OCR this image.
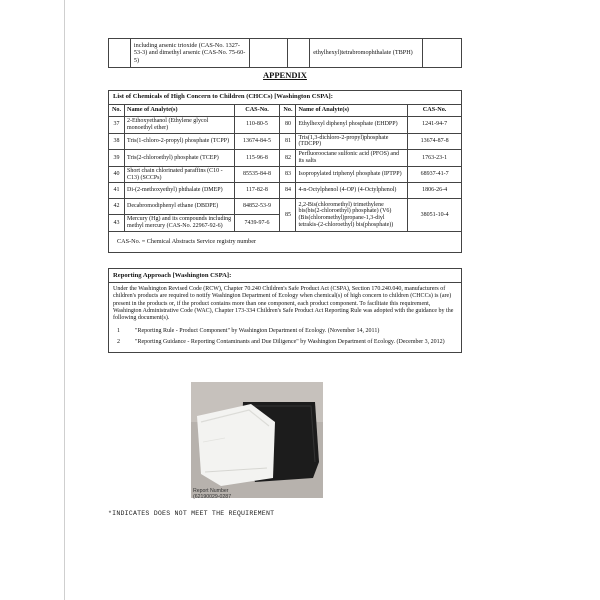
	including arsenic trioxide (CAS-No. 1327-53-3) and dimethyl arsenic (CAS-No. 75-60-5)			ethylhexyl)tetrabromophthalate (TBPH)	
APPENDIX
List of Chemicals of High Concern to Children (CHCCs) [Washington CSPA]:					
No.	Name of Analyte(s)	CAS-No.	No.	Name of Analyte(s)	CAS-No.
37	2-Ethoxyethanol (Ethylene glycol monoethyl ether)	110-80-5	80	Ethylhexyl diphenyl phosphate (EHDPP)	1241-94-7
38	Tris(1-chloro-2-propyl) phosphate (TCPP)	13674-84-5	81	Tris(1,3-dichloro-2-propyl)phosphate (TDCPP)	13674-87-8
39	Tris(2-chloroethyl) phosphate (TCEP)	115-96-8	82	Perfluorooctane sulfonic acid (PFOS) and its salts	1763-23-1
40	Short chain chlorinated paraffins (C10 - C13) (SCCPs)	85535-84-8	83	Isopropylated triphenyl phosphate (IPTPP)	68937-41-7
41	Di-(2-methoxyethyl) phthalate (DMEP)	117-82-8	84	4-n-Octylphenol (4-OP) (4-Octylphenol)	1806-26-4
42	Decabromodiphenyl ethane (DBDPE)	84852-53-9	85	2,2-Bis(chloromethyl) trimethylene bis(bis(2-chloroethyl) phosphate) (V6) (Bis(chloromethyl)propane-1,3-diyl tetrakis-(2-chloroethyl) bis(phosphate))	38051-10-4
43	Mercury (Hg) and its compounds including methyl mercury (CAS-No. 22967-92-6)	7439-97-6			
CAS-No. = Chemical Abstracts Service registry number					
Reporting Approach [Washington CSPA]:

Under the Washington Revised Code (RCW), Chapter 70.240 Children's Safe Product Act (CSPA), Section 170.240.040, manufacturers of children's products are required to notify Washington Department of Ecology when chemical(s) of high concern to children (CHCCs) is (are) present in the products or, if the product contains more than one component, each product component. To facilitate this requirement, Washington Administrative Code (WAC), Chapter 173-334 Children's Safe Product Act Reporting Rule was adopted with the guidance by the following document(s).

1	"Reporting Rule - Product Component" by Washington Department of Ecology. (November 14, 2011)
2	"Reporting Guidance - Reporting Contaminants and Due Diligence" by Washington Department of Ecology. (December 3, 2012)
Report Number
(62190029-0287
*INDICATES DOES NOT MEET THE REQUIREMENT
